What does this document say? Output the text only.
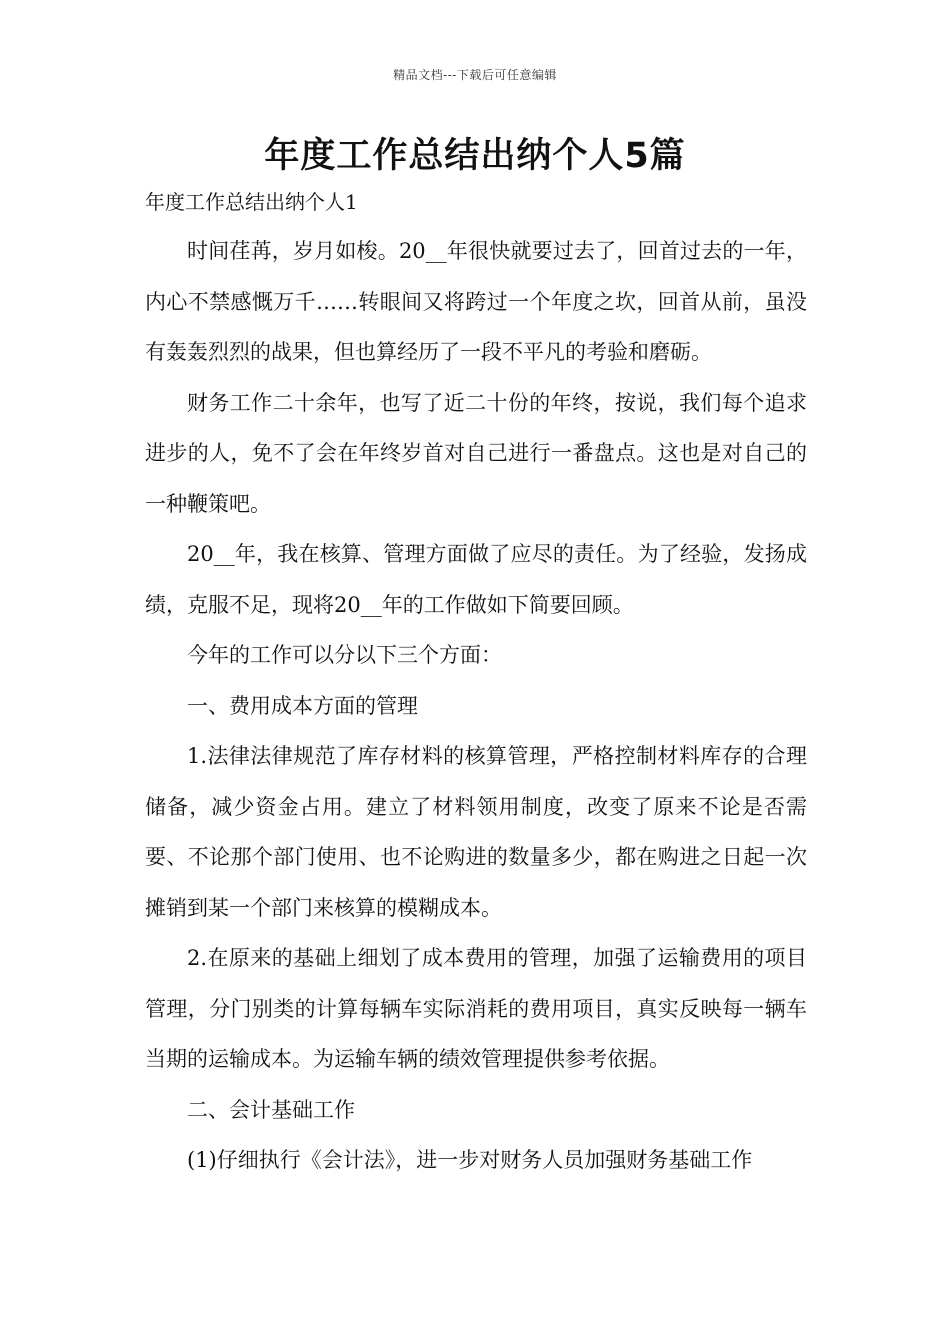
精品文档---下载后可任意编辑
年度工作总结出纳个人5篇
年度工作总结出纳个人1

时间荏苒，岁月如梭。20__年很快就要过去了，回首过去的一年，内心不禁感慨万千……转眼间又将跨过一个年度之坎，回首从前，虽没有轰轰烈烈的战果，但也算经历了一段不平凡的考验和磨砺。

财务工作二十余年，也写了近二十份的年终，按说，我们每个追求进步的人，免不了会在年终岁首对自己进行一番盘点。这也是对自己的一种鞭策吧。

20__年，我在核算、管理方面做了应尽的责任。为了经验，发扬成绩，克服不足，现将20__年的工作做如下简要回顾。

今年的工作可以分以下三个方面：

一、费用成本方面的管理

1.法律法律规范了库存材料的核算管理，严格控制材料库存的合理储备，减少资金占用。建立了材料领用制度，改变了原来不论是否需要、不论那个部门使用、也不论购进的数量多少，都在购进之日起一次摊销到某一个部门来核算的模糊成本。

2.在原来的基础上细划了成本费用的管理，加强了运输费用的项目管理，分门别类的计算每辆车实际消耗的费用项目，真实反映每一辆车当期的运输成本。为运输车辆的绩效管理提供参考依据。

二、会计基础工作

(1)仔细执行《会计法》，进一步对财务人员加强财务基础工作
